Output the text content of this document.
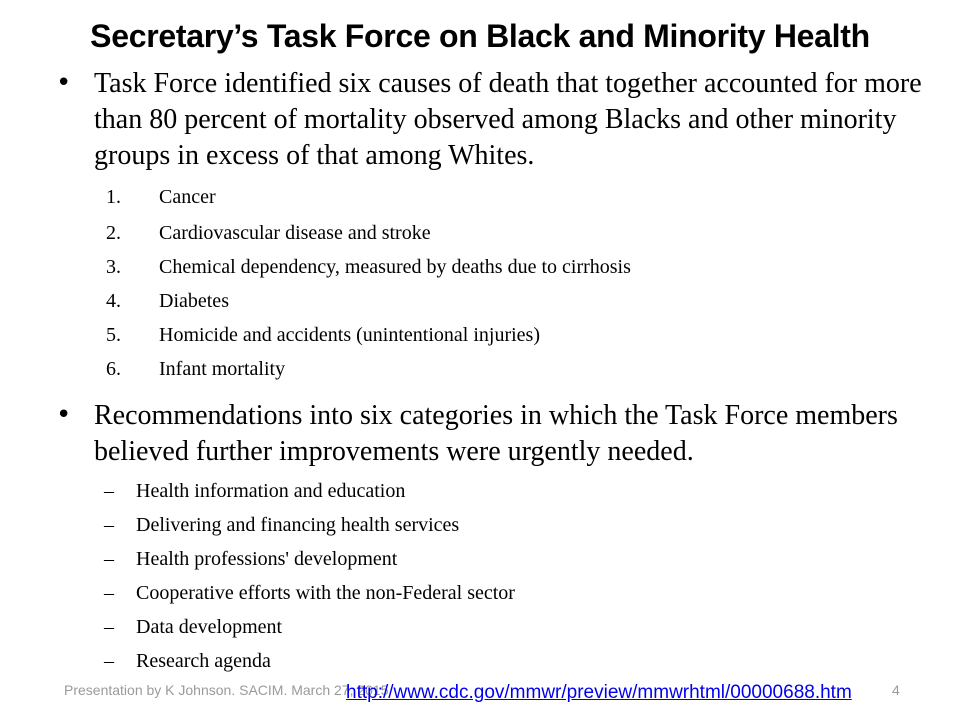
Secretary’s Task Force on Black and Minority Health
• Task Force identified six causes of death that together accounted for more than 80 percent of mortality observed among Blacks and other minority groups in excess of that among Whites.
1. Cancer
2. Cardiovascular disease and stroke
3. Chemical dependency, measured by deaths due to cirrhosis
4. Diabetes
5. Homicide and accidents (unintentional injuries)
6. Infant mortality
• Recommendations into six categories in which the Task Force members believed further improvements were urgently needed.
– Health information and education
– Delivering and financing health services
– Health professions' development
– Cooperative efforts with the non-Federal sector
– Data development
– Research agenda
Presentation by K Johnson. SACIM. March 27, 2015	4
http://www.cdc.gov/mmwr/preview/mmwrhtml/00000688.htm
